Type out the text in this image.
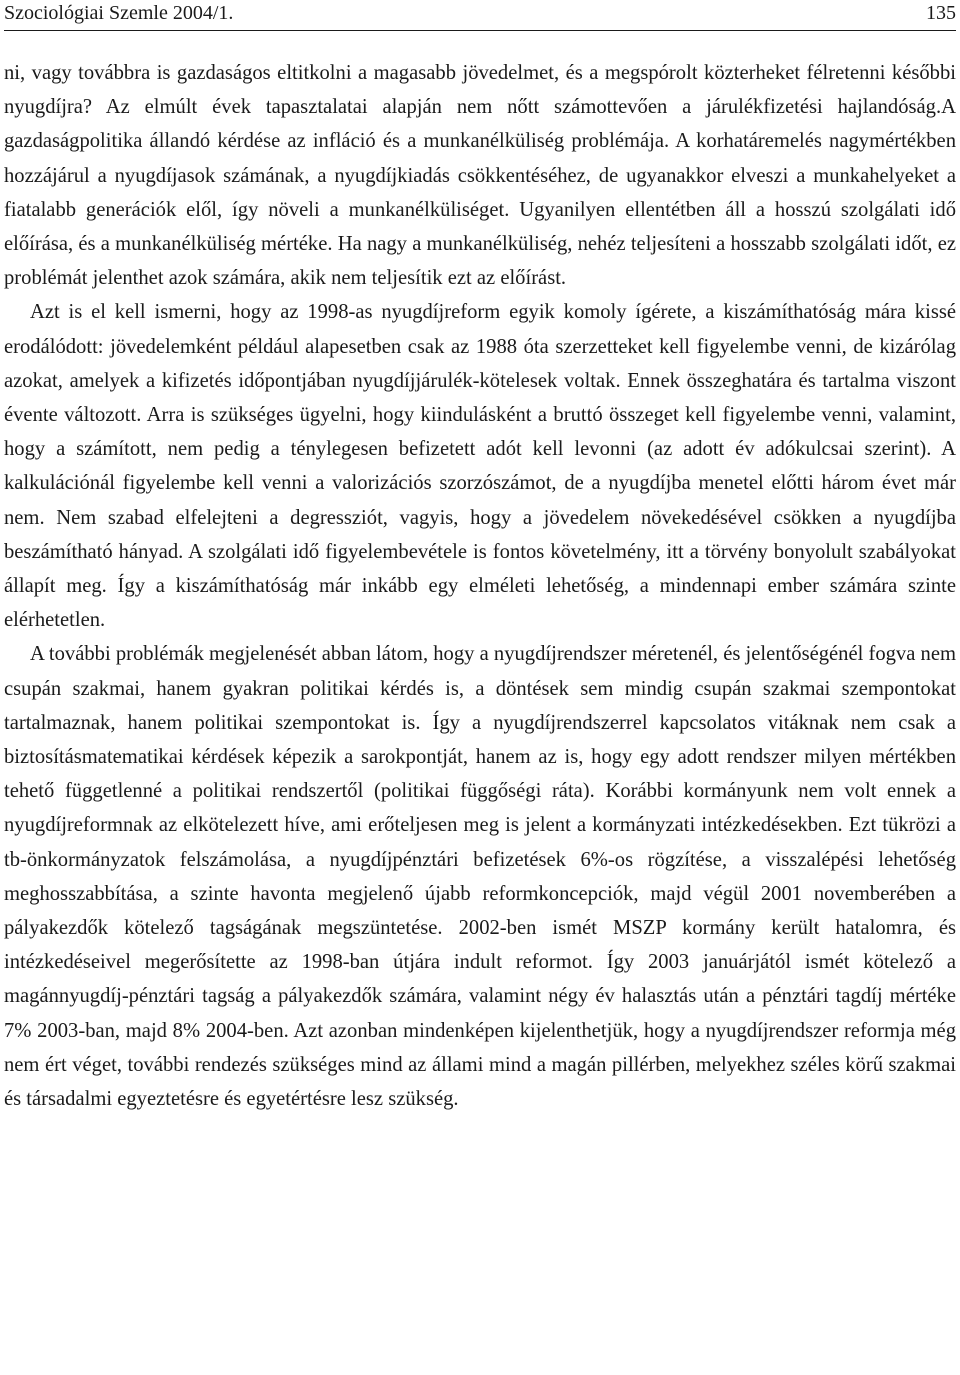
Szociológiai Szemle 2004/1.	135

ni, vagy továbbra is gazdaságos eltitkolni a magasabb jövedelmet, és a megspórolt közterheket félretenni későbbi nyugdíjra? Az elmúlt évek tapasztalatai alapján nem nőtt számottevően a járulékfizetési hajlandóság.A gazdaságpolitika állandó kérdése az infláció és a munkanélküliség problémája. A korhatáremelés nagymértékben hozzájárul a nyugdíjasok számának, a nyugdíjkiadás csökkentéséhez, de ugyanakkor elveszi a munkahelyeket a fiatalabb generációk elől, így növeli a munkanélküliséget. Ugyanilyen ellentétben áll a hosszú szolgálati idő előírása, és a munkanélküliség mértéke. Ha nagy a munkanélküliség, nehéz teljesíteni a hosszabb szolgálati időt, ez problémát jelenthet azok számára, akik nem teljesítik ezt az előírást.

Azt is el kell ismerni, hogy az 1998-as nyugdíjreform egyik komoly ígérete, a kiszámíthatóság mára kissé erodálódott: jövedelemként például alapesetben csak az 1988 óta szerzetteket kell figyelembe venni, de kizárólag azokat, amelyek a kifizetés időpontjában nyugdíjjárulék-kötelesek voltak. Ennek összeghatára és tartalma viszont évente változott. Arra is szükséges ügyelni, hogy kiindulásként a bruttó összeget kell figyelembe venni, valamint, hogy a számított, nem pedig a ténylegesen befizetett adót kell levonni (az adott év adókulcsai szerint). A kalkulációnál figyelembe kell venni a valorizációs szorzószámot, de a nyugdíjba menetel előtti három évet már nem. Nem szabad elfelejteni a degressziót, vagyis, hogy a jövedelem növekedésével csökken a nyugdíjba beszámítható hányad. A szolgálati idő figyelembevétele is fontos követelmény, itt a törvény bonyolult szabályokat állapít meg. Így a kiszámíthatóság már inkább egy elméleti lehetőség, a mindennapi ember számára szinte elérhetetlen.

A további problémák megjelenését abban látom, hogy a nyugdíjrendszer méretenél, és jelentőségénél fogva nem csupán szakmai, hanem gyakran politikai kérdés is, a döntések sem mindig csupán szakmai szempontokat tartalmaznak, hanem politikai szempontokat is. Így a nyugdíjrendszerrel kapcsolatos vitáknak nem csak a biztosításmatematikai kérdések képezik a sarokpontját, hanem az is, hogy egy adott rendszer milyen mértékben tehető függetlenné a politikai rendszertől (politikai függőségi ráta). Korábbi kormányunk nem volt ennek a nyugdíjreformnak az elkötelezett híve, ami erőteljesen meg is jelent a kormányzati intézkedésekben. Ezt tükrözi a tb-önkormányzatok felszámolása, a nyugdíjpénztári befizetések 6%-os rögzítése, a visszalépési lehetőség meghosszabbítása, a szinte havonta megjelenő újabb reformkoncepciók, majd végül 2001 novemberében a pályakezdők kötelező tagságának megszüntetése. 2002-ben ismét MSZP kormány került hatalomra, és intézkedéseivel megerősítette az 1998-ban útjára indult reformot. Így 2003 januárjától ismét kötelező a magánnyugdíj-pénztári tagság a pályakezdők számára, valamint négy év halasztás után a pénztári tagdíj mértéke 7% 2003-ban, majd 8% 2004-ben. Azt azonban mindenképen kijelenthetjük, hogy a nyugdíjrendszer reformja még nem ért véget, további rendezés szükséges mind az állami mind a magán pillérben, melyekhez széles körű szakmai és társadalmi egyeztetésre és egyetértésre lesz szükség.
